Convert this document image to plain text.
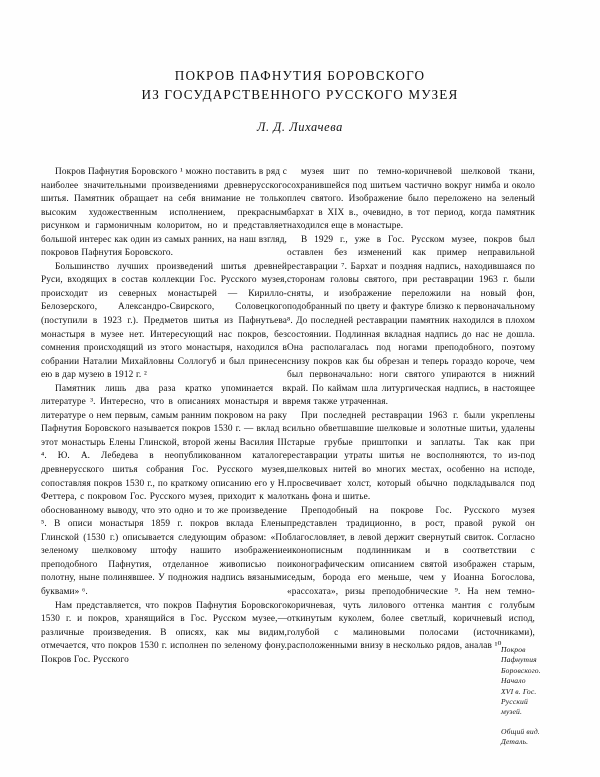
ПОКРОВ ПАФНУТИЯ БОРОВСКОГО
ИЗ ГОСУДАРСТВЕННОГО РУССКОГО МУЗЕЯ
Л. Д. Лихачева

Покров Пафнутия Боровского ¹ можно поставить в ряд с наиболее значительными произведениями древнерусского шитья. Памятник обращает на себя внимание не только высоким художественным исполнением, прекрасным рисунком и гармоничным колоритом, но и представляет большой интерес как один из самых ранних, на наш взгляд, покровов Пафнутия Боровского.

Большинство лучших произведений шитья древней Руси, входящих в состав коллекции Гос. Русского музея, происходит из северных монастырей — Кирилло-Белозерского, Александро-Свирского, Соловецкого (поступили в 1923 г.). Предметов шитья из Пафнутьева монастыря в музее нет. Интересующий нас покров, без сомнения происходящий из этого монастыря, находился в собрании Наталии Михайловны Соллогуб и был принесен ею в дар музею в 1912 г. ²

Памятник лишь два раза кратко упоминается в литературе ³. Интересно, что в описаниях монастыря и в литературе о нем первым, самым ранним покровом на раку Пафнутия Боровского называется покров 1530 г. — вклад в этот монастырь Елены Глинской, второй жены Василия III ⁴. Ю. А. Лебедева в неопубликованном каталоге древнерусского шитья собрания Гос. Русского музея, сопоставляя покров 1530 г., по краткому описанию его у Н. Феттера, с покровом Гос. Русского музея, приходит к мало обоснованному выводу, что это одно и то же произведение ⁵. В описи монастыря 1859 г. покров вклада Елены Глинской (1530 г.) описывается следующим образом: «По зеленому шелковому штофу нашито изображение преподобного Пафнутия, отделанное живописью по полотну, ныне полинявшее. У подножия надпись вязаными буквами» ⁶.

Нам представляется, что покров Пафнутия Боровского 1530 г. и покров, хранящийся в Гос. Русском музее,— различные произведения. В описях, как мы видим, отмечается, что покров 1530 г. исполнен по зеленому фону. Покров Гос. Русского

музея шит по темно-коричневой шелковой ткани, сохранившейся под шитьем частично вокруг нимба и около плеч святого. Изображение было переложено на зеленый бархат в XIX в., очевидно, в тот период, когда памятник находился еще в монастыре.

В 1929 г., уже в Гос. Русском музее, покров был оставлен без изменений как пример неправильной реставрации ⁷. Бархат и поздняя надпись, находившаяся по сторонам головы святого, при реставрации 1963 г. были сняты, и изображение переложили на новый фон, подобранный по цвету и фактуре близко к первоначальному ⁸. До последней реставрации памятник находился в плохом состоянии. Подлинная вкладная надпись до нас не дошла. Она располагалась под ногами преподобного, поэтому снизу покров как бы обрезан и теперь гораздо короче, чем был первоначально: ноги святого упираются в нижний край. По каймам шла литургическая надпись, в настоящее время также утраченная.

При последней реставрации 1963 г. были укреплены сильно обветшавшие шелковые и золотные шитьи, удалены старые грубые приштопки и заплаты. Так как при реставрации утраты шитья не восполняются, то из-под шелковых нитей во многих местах, особенно на исподе, просвечивает холст, который обычно подкладывался под ткань фона и шитье.

Преподобный на покрове Гос. Русского музея представлен традиционно, в рост, правой рукой он благословляет, в левой держит свернутый свиток. Согласно иконописным подлинникам и в соответствии с иконографическим описанием святой изображен старым, седым, борода его меньше, чем у Иоанна Богослова, «рассохата», ризы преподобнические ⁹. На нем темно-коричневая, чуть лилового оттенка мантия с голубым откинутым куколем, более светлый, коричневый испод, голубой с малиновыми полосами (источниками), расположенными внизу в несколько рядов, аналав ¹⁰.

Покров
Пафнутия
Боровского.
Начало
XVI в. Гос.
Русский
музей.
Общий вид.
Деталь.
